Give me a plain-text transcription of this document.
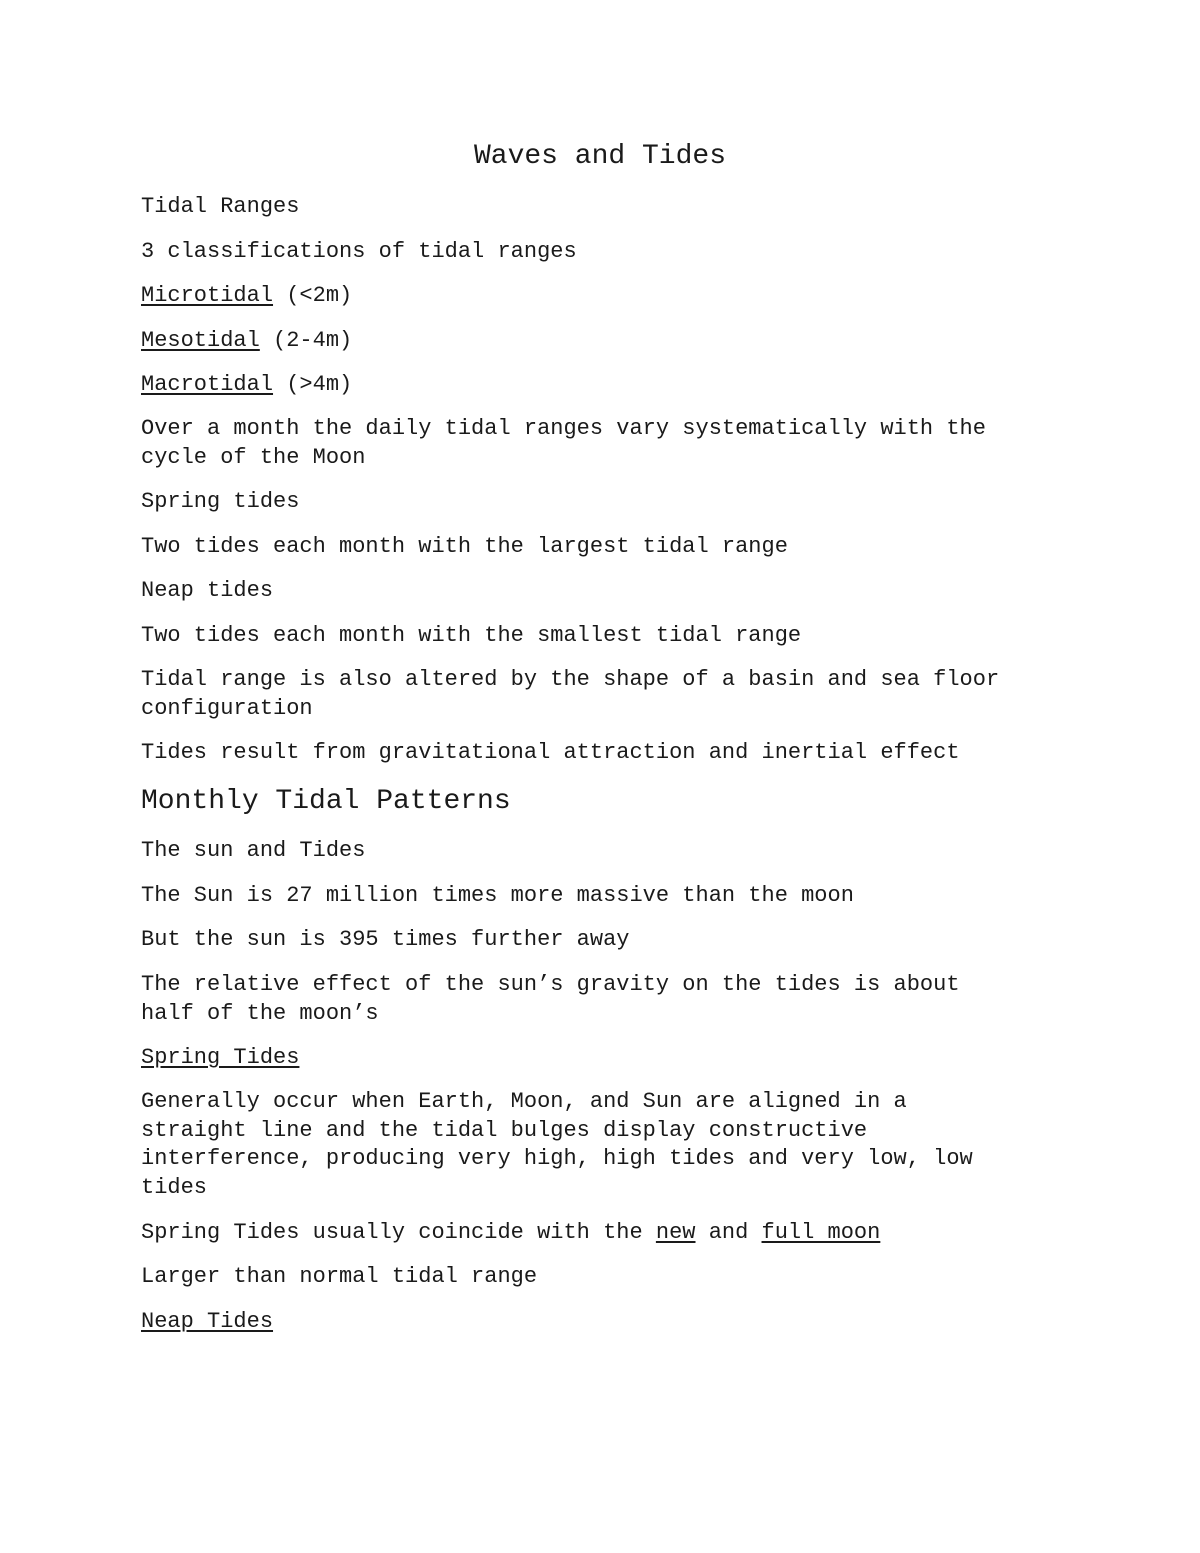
Waves and Tides

Tidal Ranges

3 classifications of tidal ranges

Microtidal (<2m)

Mesotidal (2-4m)

Macrotidal (>4m)

Over a month the daily tidal ranges vary systematically with the
cycle of the Moon

Spring tides

Two tides each month with the largest tidal range

Neap tides

Two tides each month with the smallest tidal range

Tidal range is also altered by the shape of a basin and sea floor
configuration

Tides result from gravitational attraction and inertial effect

Monthly Tidal Patterns

The sun and Tides

The Sun is 27 million times more massive than the moon

But the sun is 395 times further away

The relative effect of the sun’s gravity on the tides is about
half of the moon’s

Spring Tides

Generally occur when Earth, Moon, and Sun are aligned in a
straight line and the tidal bulges display constructive
interference, producing very high, high tides and very low, low
tides

Spring Tides usually coincide with the new and full moon

Larger than normal tidal range

Neap Tides
